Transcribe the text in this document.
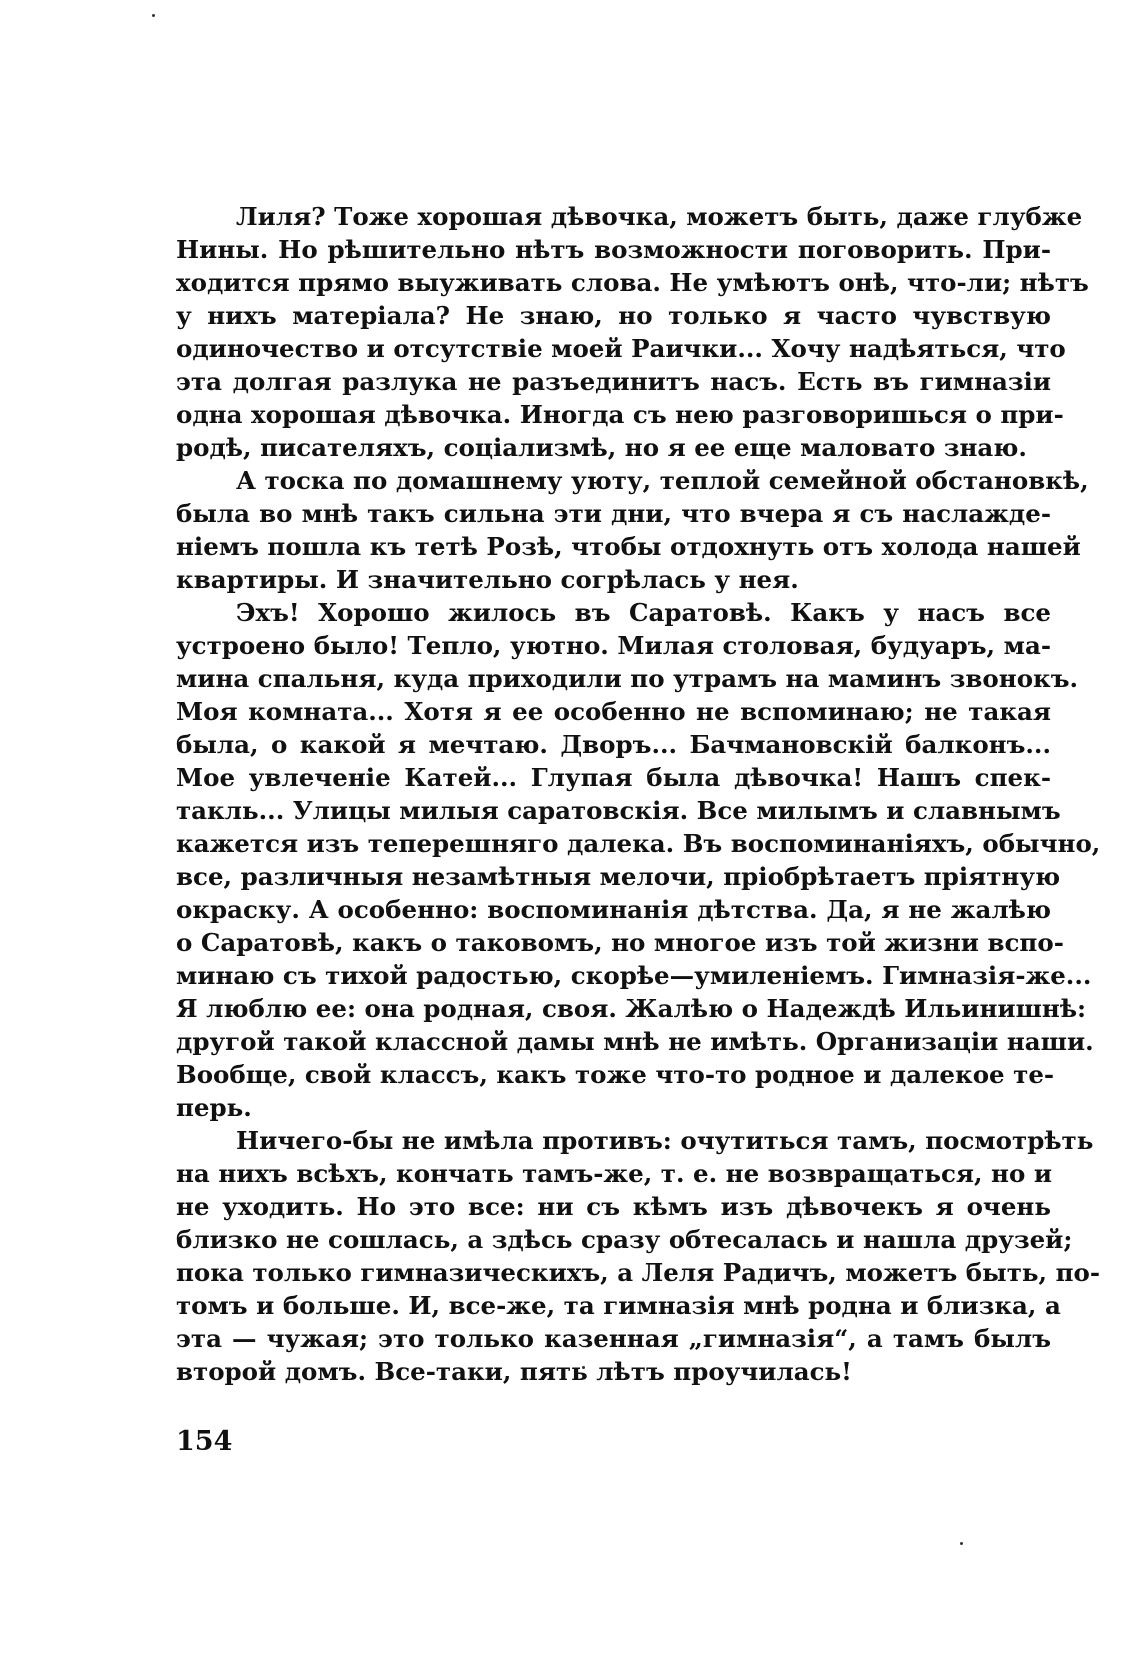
Лиля? Тоже хорошая дѣвочка, можетъ быть, даже глубже
Нины. Но рѣшительно нѣтъ возможности поговорить. При-
ходится прямо выуживать слова. Не умѣютъ онѣ, что-ли; нѣтъ
у нихъ матеріала? Не знаю, но только я часто чувствую
одиночество и отсутствіе моей Раички... Хочу надѣяться, что
эта долгая разлука не разъединитъ насъ. Есть въ гимназіи
одна хорошая дѣвочка. Иногда съ нею разговоришься о при-
родѣ, писателяхъ, соціализмѣ, но я ее еще маловато знаю.
А тоска по домашнему уюту, теплой семейной обстановкѣ,
была во мнѣ такъ сильна эти дни, что вчера я съ наслажде-
ніемъ пошла къ тетѣ Розѣ, чтобы отдохнуть отъ холода нашей
квартиры. И значительно согрѣлась у нея.
Эхъ! Хорошо жилось въ Саратовѣ. Какъ у насъ все
устроено было! Тепло, уютно. Милая столовая, будуаръ, ма-
мина спальня, куда приходили по утрамъ на маминъ звонокъ.
Моя комната... Хотя я ее особенно не вспоминаю; не такая
была, о какой я мечтаю. Дворъ... Бачмановскій балконъ...
Мое увлеченіе Катей... Глупая была дѣвочка! Нашъ спек-
такль... Улицы милыя саратовскія. Все милымъ и славнымъ
кажется изъ теперешняго далека. Въ воспоминаніяхъ, обычно,
все, различныя незамѣтныя мелочи, пріобрѣтаетъ пріятную
окраску. А особенно: воспоминанія дѣтства. Да, я не жалѣю
о Саратовѣ, какъ о таковомъ, но многое изъ той жизни вспо-
минаю съ тихой радостью, скорѣе—умиленіемъ. Гимназія-же...
Я люблю ее: она родная, своя. Жалѣю о Надеждѣ Ильинишнѣ:
другой такой классной дамы мнѣ не имѣть. Организаціи наши.
Вообще, свой классъ, какъ тоже что-то родное и далекое те-
перь.
Ничего-бы не имѣла противъ: очутиться тамъ, посмотрѣть
на нихъ всѣхъ, кончать тамъ-же, т. е. не возвращаться, но и
не уходить. Но это все: ни съ кѣмъ изъ дѣвочекъ я очень
близко не сошлась, а здѣсь сразу обтесалась и нашла друзей;
пока только гимназическихъ, а Леля Радичъ, можетъ быть, по-
томъ и больше. И, все-же, та гимназія мнѣ родна и близка, а
эта — чужая; это только казенная „гимназія“, а тамъ былъ
второй домъ. Все-таки, пять лѣтъ проучилась!
154
